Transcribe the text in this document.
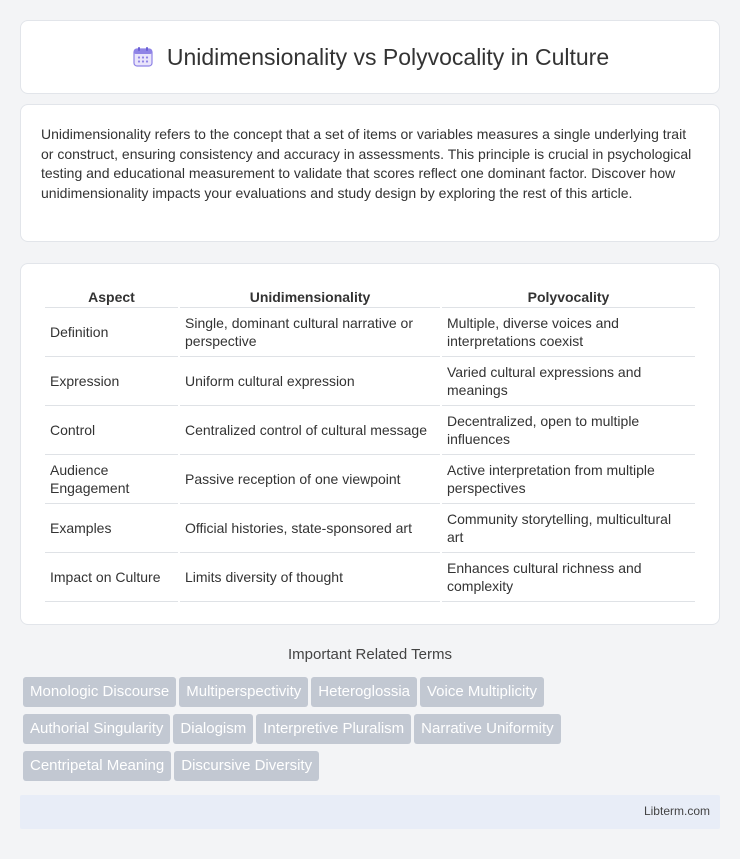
Unidimensionality vs Polyvocality in Culture

Unidimensionality refers to the concept that a set of items or variables measures a single underlying trait or construct, ensuring consistency and accuracy in assessments. This principle is crucial in psychological testing and educational measurement to validate that scores reflect one dominant factor. Discover how unidimensionality impacts your evaluations and study design by exploring the rest of this article.

Aspect	Unidimensionality	Polyvocality
Definition	Single, dominant cultural narrative or perspective	Multiple, diverse voices and interpretations coexist
Expression	Uniform cultural expression	Varied cultural expressions and meanings
Control	Centralized control of cultural message	Decentralized, open to multiple influences
Audience Engagement	Passive reception of one viewpoint	Active interpretation from multiple perspectives
Examples	Official histories, state-sponsored art	Community storytelling, multicultural art
Impact on Culture	Limits diversity of thought	Enhances cultural richness and complexity
Important Related Terms
Monologic Discourse Multiperspectivity Heteroglossia Voice Multiplicity
Authorial Singularity Dialogism Interpretive Pluralism Narrative Uniformity
Centripetal Meaning Discursive Diversity
Libterm.com
